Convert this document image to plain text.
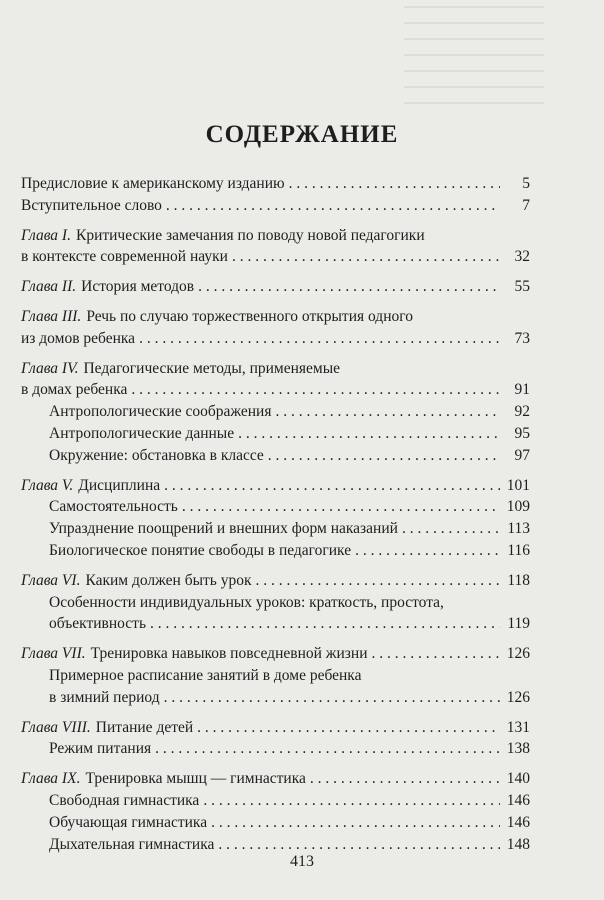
СОДЕРЖАНИЕ
Предисловие к американскому изданию . . .	5
Вступительное слово . . .	7
Глава I. Критические замечания по поводу новой педагогики
в контексте современной науки . . .	32
Глава II. История методов . . .	55
Глава III. Речь по случаю торжественного открытия одного
из домов ребенка . . .	73
Глава IV. Педагогические методы, применяемые
в домах ребенка . . .	91
Антропологические соображения . . .	92
Антропологические данные . . .	95
Окружение: обстановка в классе . . .	97
Глава V. Дисциплина . . .	101
Самостоятельность . . .	109
Упразднение поощрений и внешних форм наказаний . . .	113
Биологическое понятие свободы в педагогике . . .	116
Глава VI. Каким должен быть урок . . .	118
Особенности индивидуальных уроков: краткость, простота,
объективность . . .	119
Глава VII. Тренировка навыков повседневной жизни . . .	126
Примерное расписание занятий в доме ребенка
в зимний период . . .	126
Глава VIII. Питание детей . . .	131
Режим питания . . .	138
Глава IX. Тренировка мышц — гимнастика . . .	140
Свободная гимнастика . . .	146
Обучающая гимнастика . . .	146
Дыхательная гимнастика . . .	148
413
